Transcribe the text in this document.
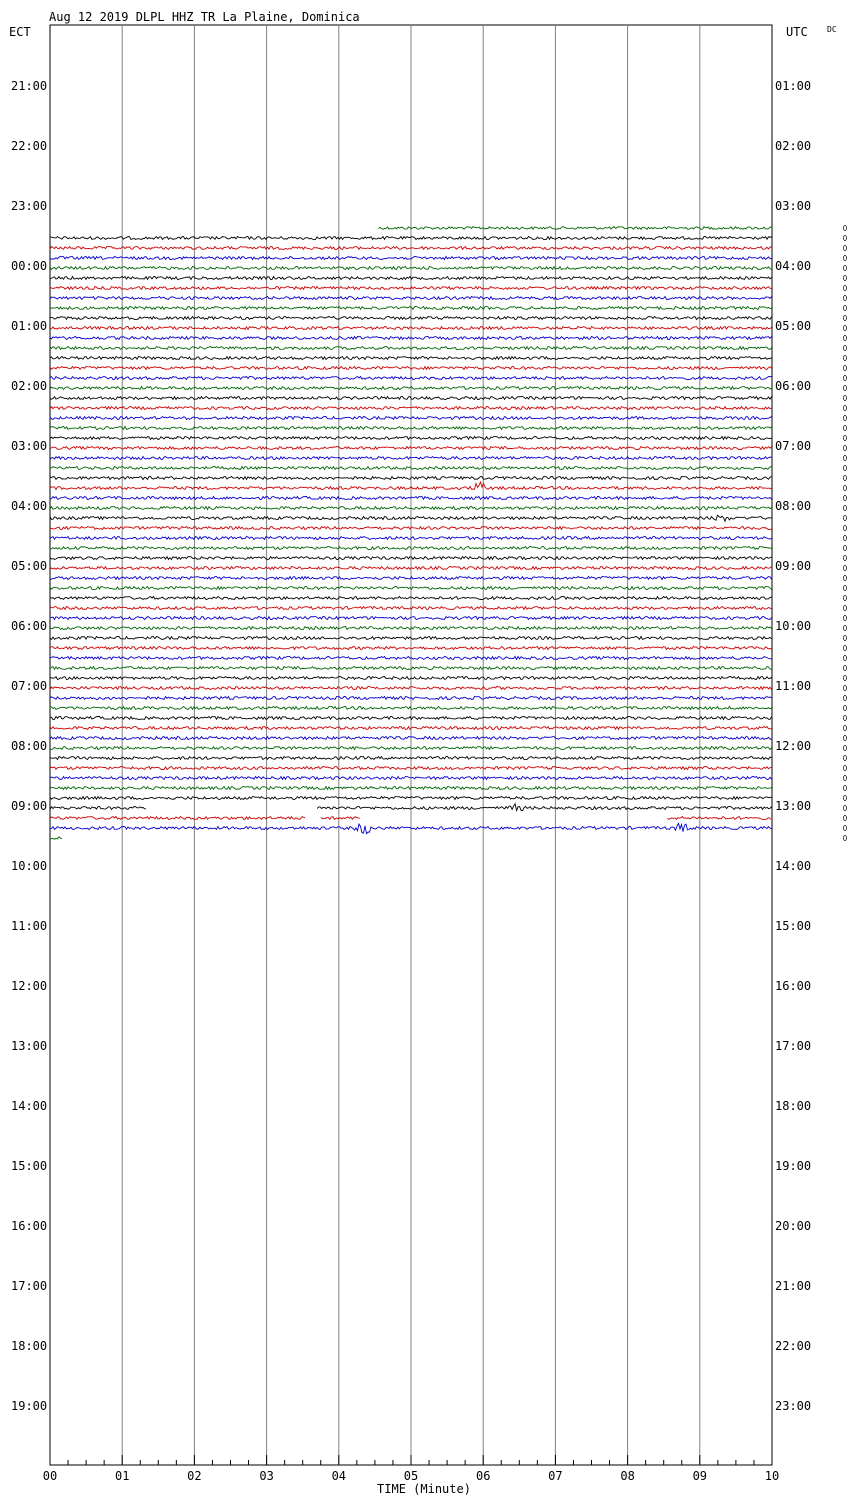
Aug 12 2019 DLPL HHZ TR La Plaine, Dominica
ECT	UTC DC
21:00
22:00
23:00
00:00
01:00
02:00
03:00
04:00
05:00
06:00
07:00
08:00
09:00
10:00
11:00
12:00
13:00
14:00
15:00
16:00
17:00
18:00
19:00
01:00
02:00
03:00
04:00
05:00
06:00
07:00
08:00
09:00
10:00
11:00
12:00
13:00
14:00
15:00
16:00
17:00
18:00
19:00
20:00
21:00
22:00
23:00
00	01	02	03	04	05	06	07	08	09	10
TIME (Minute)
